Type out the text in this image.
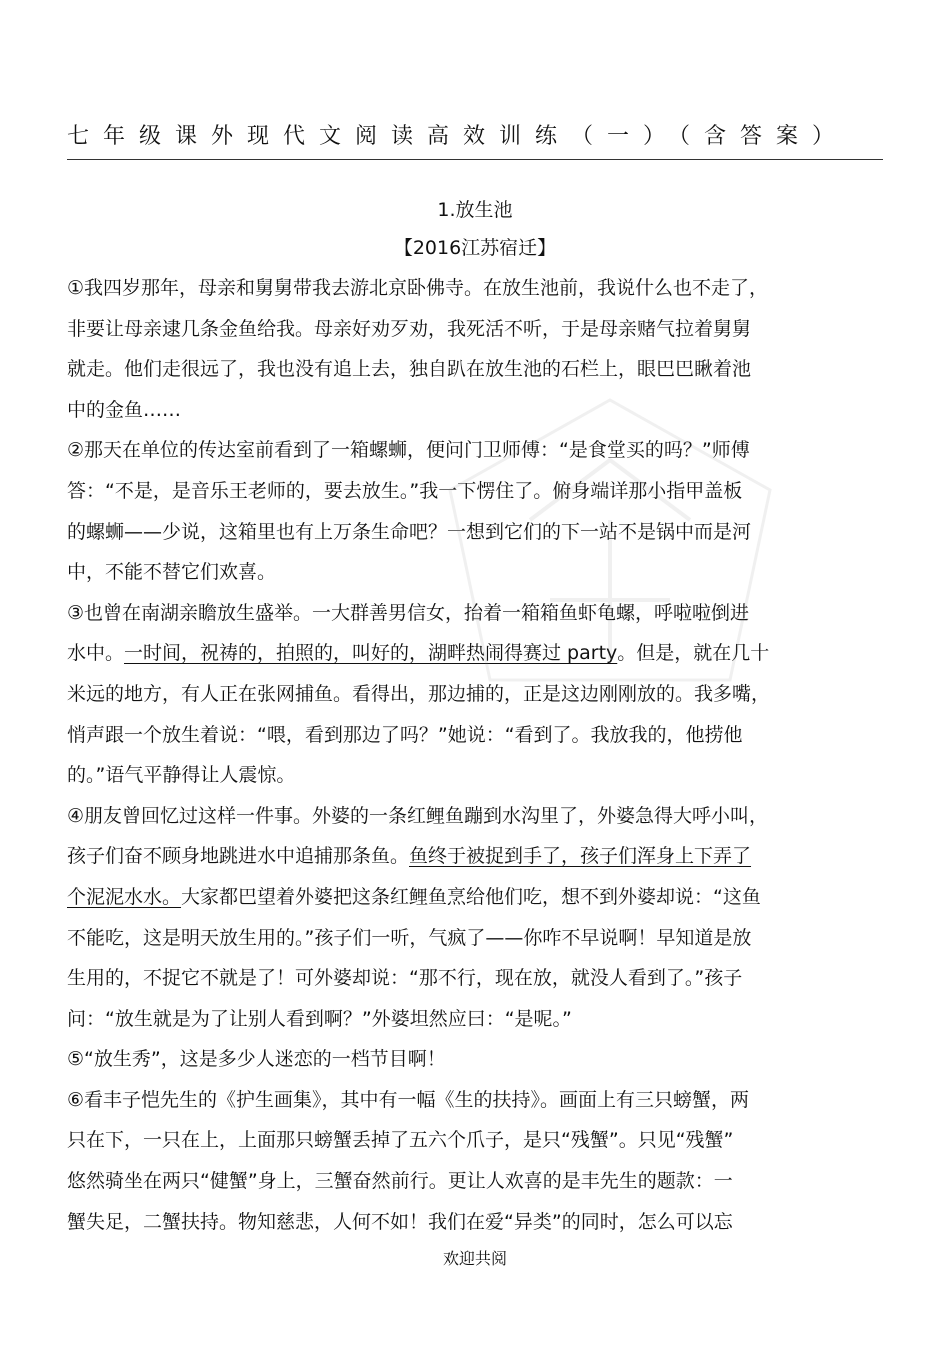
七年级课外现代文阅读高效训练（一）（含答案）
1.放生池
【2016江苏宿迁】
①我四岁那年，母亲和舅舅带我去游北京卧佛寺。在放生池前，我说什么也不走了，
非要让母亲逮几条金鱼给我。母亲好劝歹劝，我死活不听，于是母亲赌气拉着舅舅
就走。他们走很远了，我也没有追上去，独自趴在放生池的石栏上，眼巴巴瞅着池
中的金鱼……
②那天在单位的传达室前看到了一箱螺蛳，便问门卫师傅：“是食堂买的吗？”师傅
答：“不是，是音乐王老师的，要去放生。”我一下愣住了。俯身端详那小指甲盖板
的螺蛳——少说，这箱里也有上万条生命吧？一想到它们的下一站不是锅中而是河
中，不能不替它们欢喜。
③也曾在南湖亲瞻放生盛举。一大群善男信女，抬着一箱箱鱼虾龟螺，呼啦啦倒进
水中。一时间，祝祷的，拍照的，叫好的，湖畔热闹得赛过 party。但是，就在几十
米远的地方，有人正在张网捕鱼。看得出，那边捕的，正是这边刚刚放的。我多嘴，
悄声跟一个放生着说：“喂，看到那边了吗？”她说：“看到了。我放我的，他捞他
的。”语气平静得让人震惊。
④朋友曾回忆过这样一件事。外婆的一条红鲤鱼蹦到水沟里了，外婆急得大呼小叫，
孩子们奋不顾身地跳进水中追捕那条鱼。鱼终于被捉到手了，孩子们浑身上下弄了
个泥泥水水。大家都巴望着外婆把这条红鲤鱼烹给他们吃，想不到外婆却说：“这鱼
不能吃，这是明天放生用的。”孩子们一听，气疯了——你咋不早说啊！早知道是放
生用的，不捉它不就是了！可外婆却说：“那不行，现在放，就没人看到了。”孩子
问：“放生就是为了让别人看到啊？”外婆坦然应曰：“是呢。”
⑤“放生秀”，这是多少人迷恋的一档节目啊！
⑥看丰子恺先生的《护生画集》，其中有一幅《生的扶持》。画面上有三只螃蟹，两
只在下，一只在上，上面那只螃蟹丢掉了五六个爪子，是只“残蟹”。只见“残蟹”
悠然骑坐在两只“健蟹”身上，三蟹奋然前行。更让人欢喜的是丰先生的题款：一
蟹失足，二蟹扶持。物知慈悲，人何不如！我们在爱“异类”的同时，怎么可以忘
欢迎共阅
